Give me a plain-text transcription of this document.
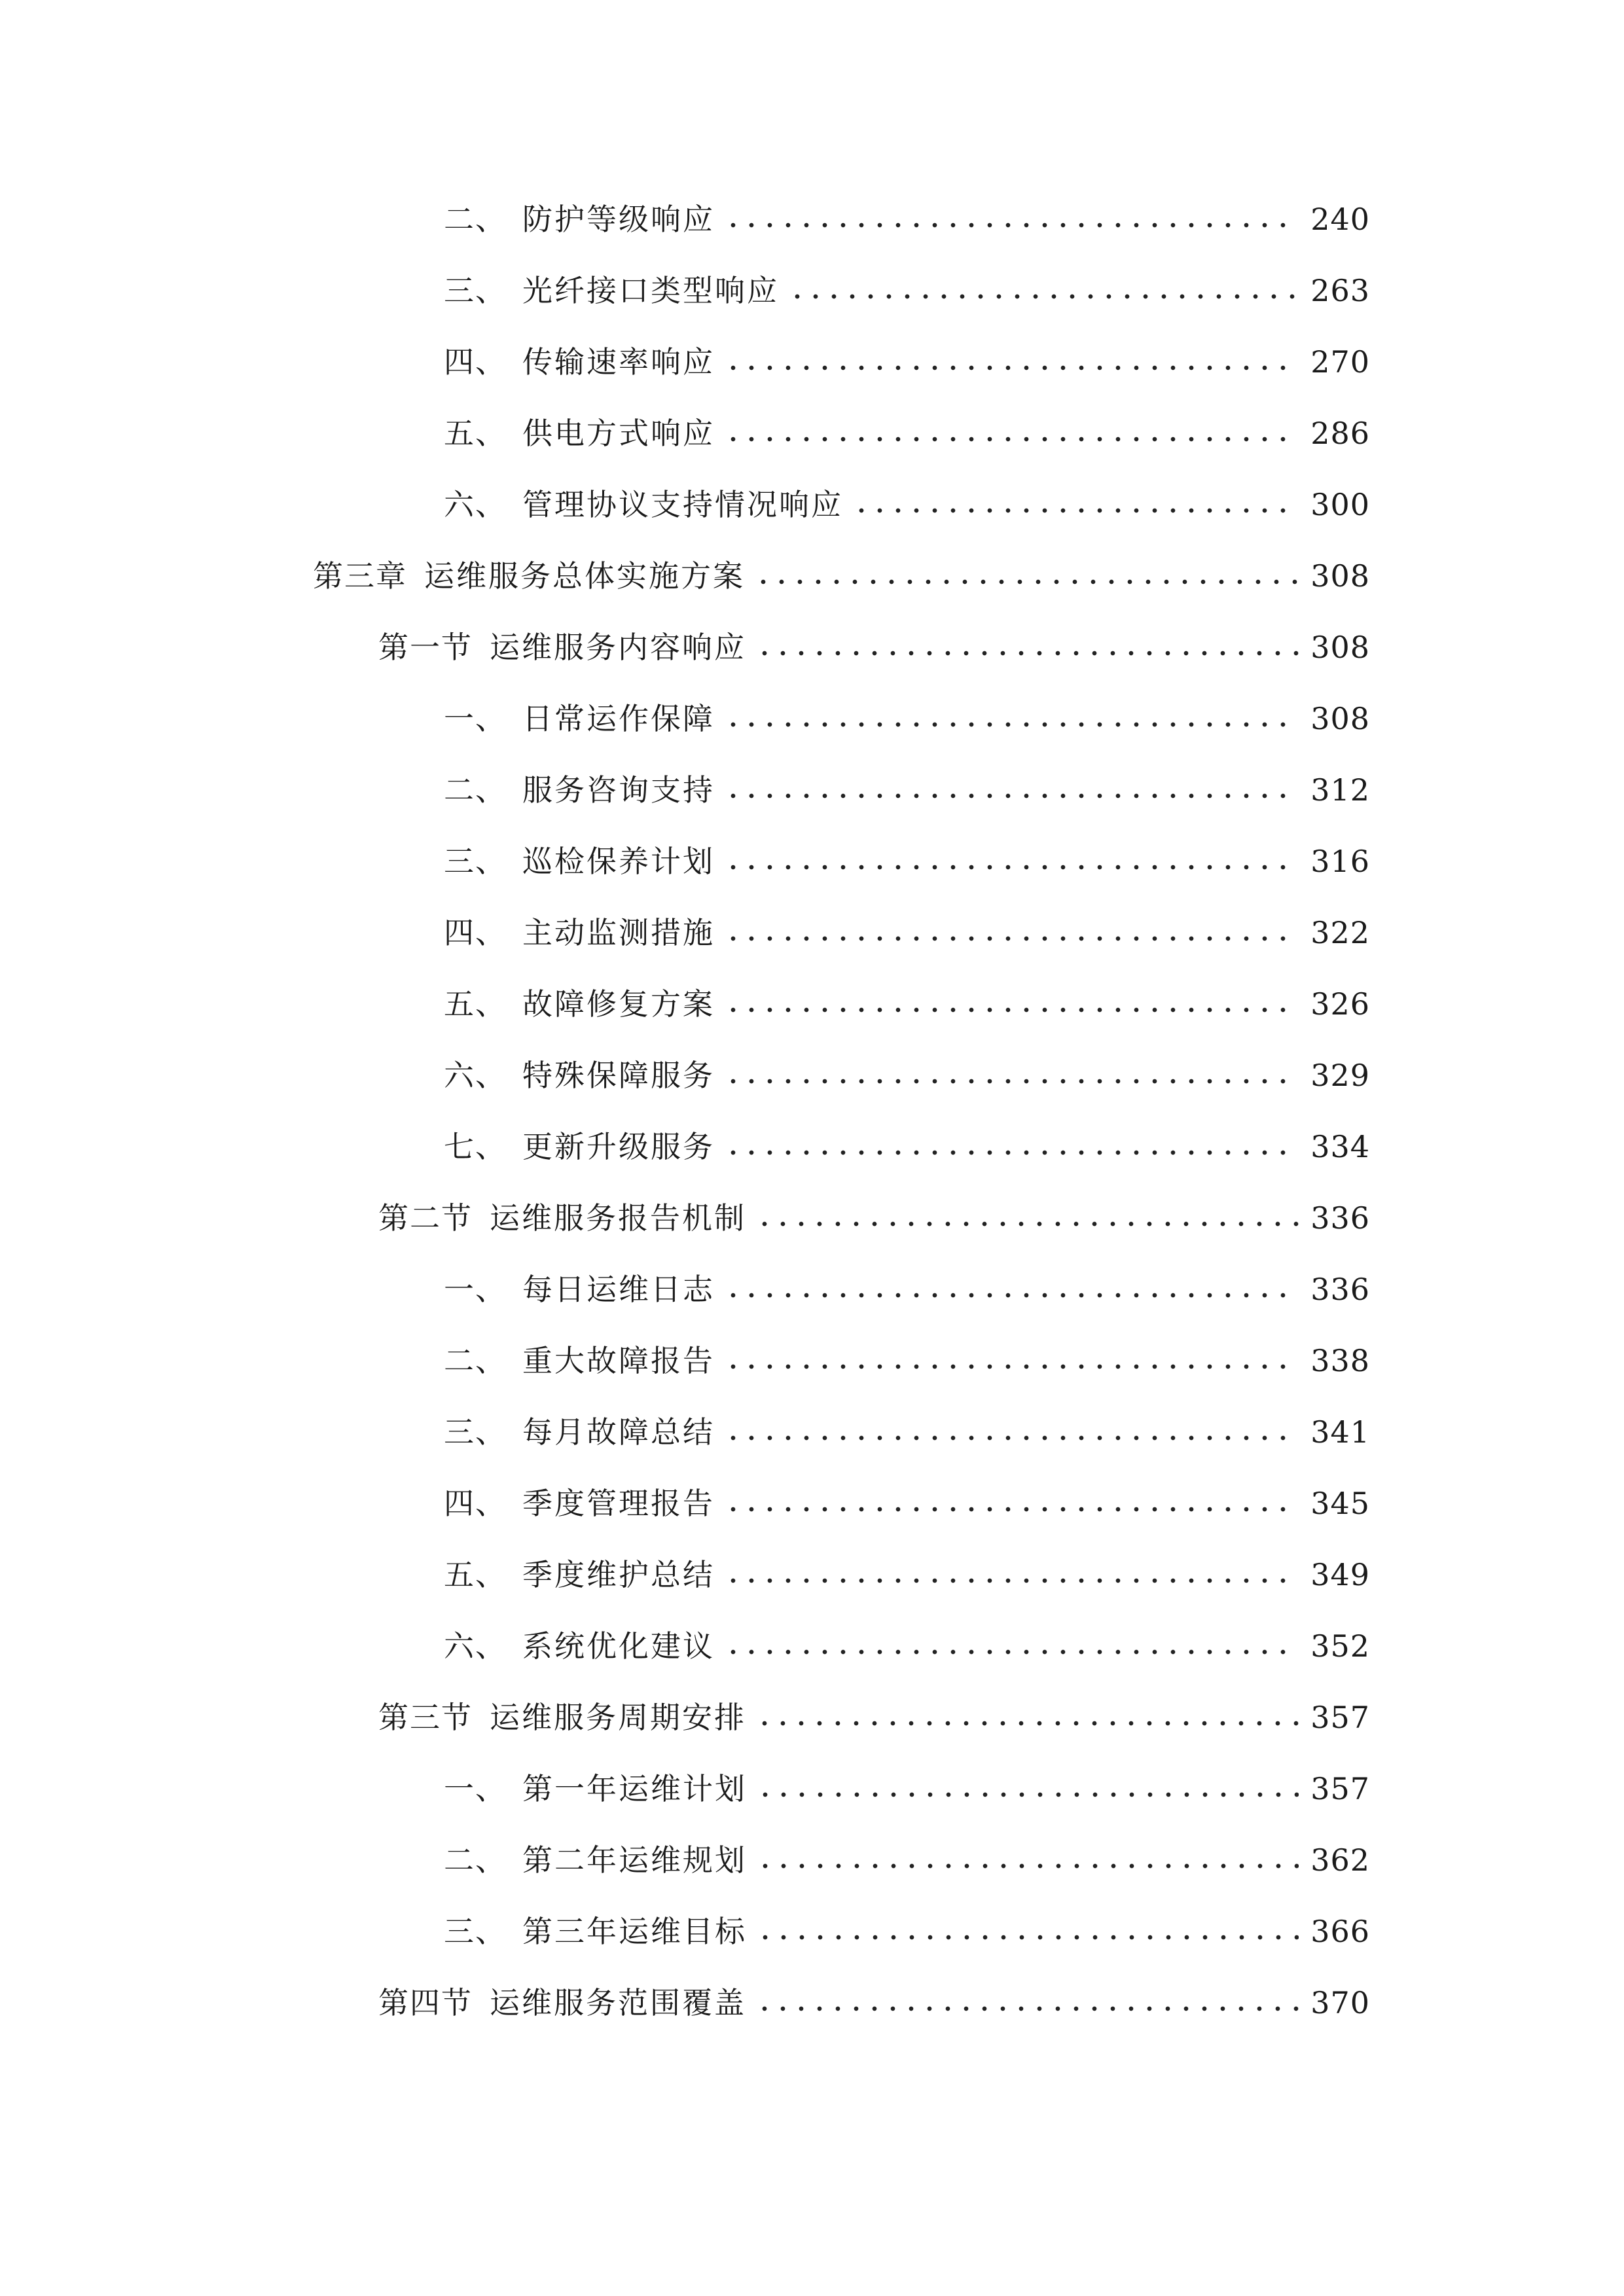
二、 防护等级响应	240
三、 光纤接口类型响应	263
四、 传输速率响应	270
五、 供电方式响应	286
六、 管理协议支持情况响应	300
第三章 运维服务总体实施方案	308
第一节 运维服务内容响应	308
一、 日常运作保障	308
二、 服务咨询支持	312
三、 巡检保养计划	316
四、 主动监测措施	322
五、 故障修复方案	326
六、 特殊保障服务	329
七、 更新升级服务	334
第二节 运维服务报告机制	336
一、 每日运维日志	336
二、 重大故障报告	338
三、 每月故障总结	341
四、 季度管理报告	345
五、 季度维护总结	349
六、 系统优化建议	352
第三节 运维服务周期安排	357
一、 第一年运维计划	357
二、 第二年运维规划	362
三、 第三年运维目标	366
第四节 运维服务范围覆盖	370
